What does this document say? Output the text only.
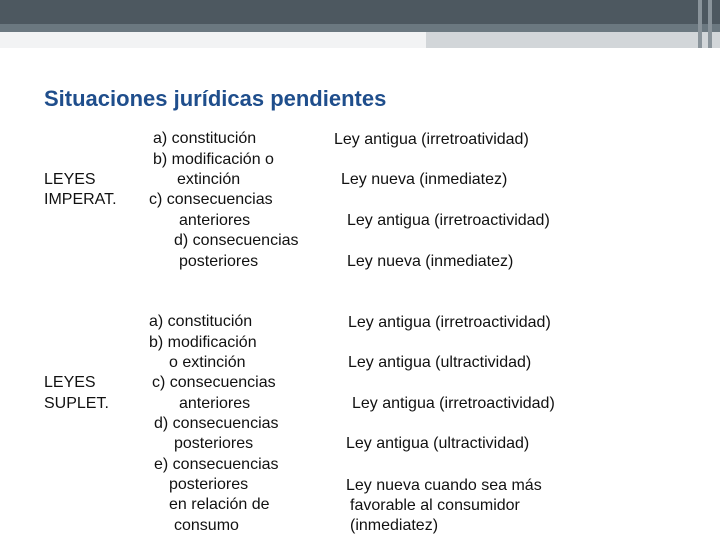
Situaciones jurídicas pendientes
LEYES
IMPERAT.
a) constitución
b) modificación o
extinción
c) consecuencias
anteriores
d) consecuencias
posteriores
Ley antigua (irretroatividad)
Ley nueva (inmediatez)
Ley antigua (irretroactividad)
Ley nueva (inmediatez)
LEYES
SUPLET.
a) constitución
b) modificación
o extinción
c) consecuencias
anteriores
d) consecuencias
posteriores
e) consecuencias
posteriores
en relación de
consumo
Ley antigua (irretroactividad)
Ley antigua (ultractividad)
Ley antigua (irretroactividad)
Ley antigua (ultractividad)
Ley nueva cuando sea más
favorable al consumidor
(inmediatez)
